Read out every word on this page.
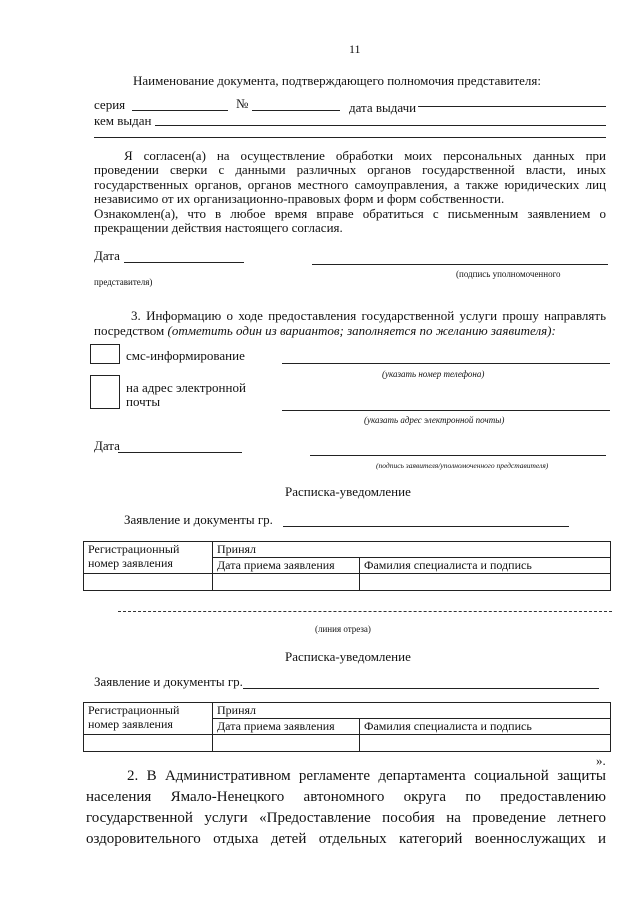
11
Наименование документа, подтверждающего полномочия представителя:
серия	№	дата выдачи
кем выдан
Я согласен(а) на осуществление обработки моих персональных данных при
проведении сверки с данными различных органов государственной власти, иных
государственных органов, органов местного самоуправления, а также юридических лиц
независимо от их организационно-правовых форм и форм собственности.
Ознакомлен(а), что в любое время вправе обратиться с письменным заявлением о
прекращении действия настоящего согласия.
Дата
(подпись уполномоченного
представителя)
3. Информацию о ходе предоставления государственной услуги прошу направлять
посредством (отметить один из вариантов; заполняется по желанию заявителя):
смс-информирование
(указать номер телефона)
на адрес электронной
почты
(указать адрес электронной почты)
Дата
(подпись заявителя/уполномоченного представителя)
Расписка-уведомление
Заявление и документы гр.
Регистрационный
номер заявления	Принял	
	Дата приема заявления	Фамилия специалиста и подпись

(линия отреза)
Расписка-уведомление
Заявление и документы гр.
Регистрационный
номер заявления	Принял	
	Дата приема заявления	Фамилия специалиста и подпись

».
2. В Административном регламенте департамента социальной защиты
населения Ямало-Ненецкого автономного округа по предоставлению
государственной услуги «Предоставление пособия на проведение летнего
оздоровительного отдыха детей отдельных категорий военнослужащих и
